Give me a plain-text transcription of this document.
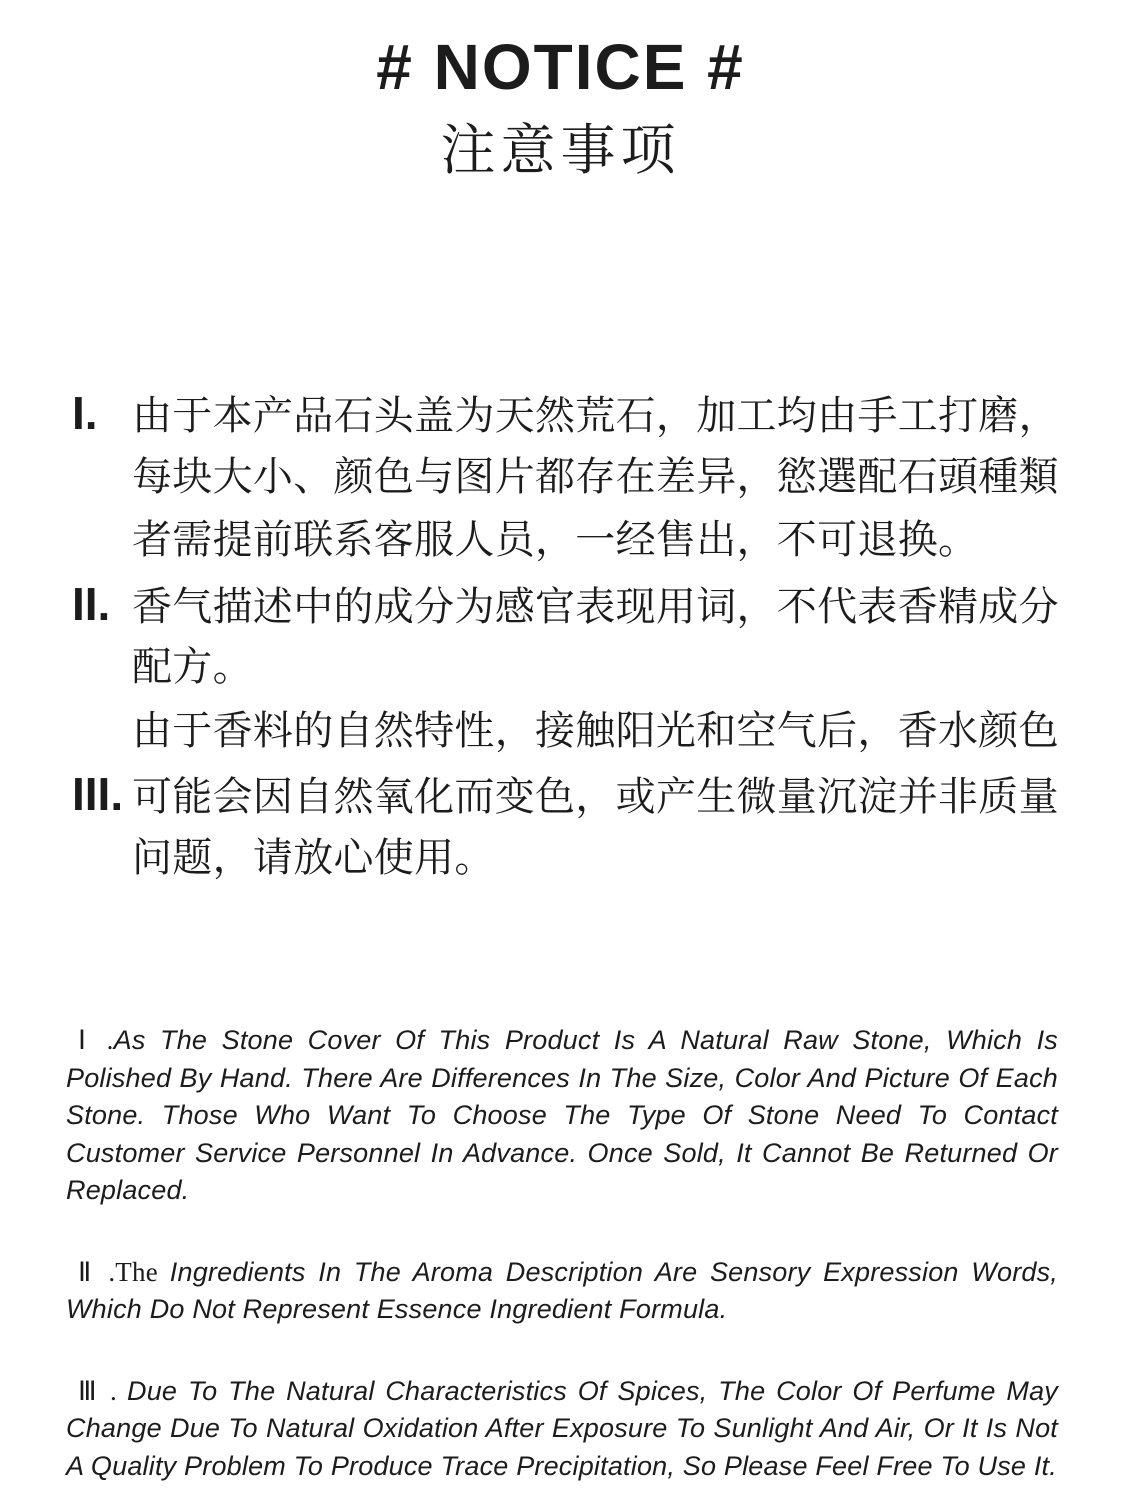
# NOTICE #
注意事项
I. 由于本产品石头盖为天然荒石，加工均由手工打磨，
每块大小、颜色与图片都存在差异，慾選配石頭種類
者需提前联系客服人员，一经售出，不可退换。
II. 香气描述中的成分为感官表现用词，不代表香精成分
配方。
由于香料的自然特性，接触阳光和空气后，香水颜色
III. 可能会因自然氧化而变色，或产生微量沉淀并非质量
问题，请放心使用。

Ⅰ .As The Stone Cover Of This Product Is A Natural Raw Stone, Which Is Polished By Hand. There Are Differences In The Size, Color And Picture Of Each Stone. Those Who Want To Choose The Type Of Stone Need To Contact Customer Service Personnel In Advance. Once Sold, It Cannot Be Returned Or Replaced.

Ⅱ .The Ingredients In The Aroma Description Are Sensory Expression Words, Which Do Not Represent Essence Ingredient Formula.

Ⅲ . Due To The Natural Characteristics Of Spices, The Color Of Perfume May Change Due To Natural Oxidation After Exposure To Sunlight And Air, Or It Is Not A Quality Problem To Produce Trace Precipitation, So Please Feel Free To Use It.
